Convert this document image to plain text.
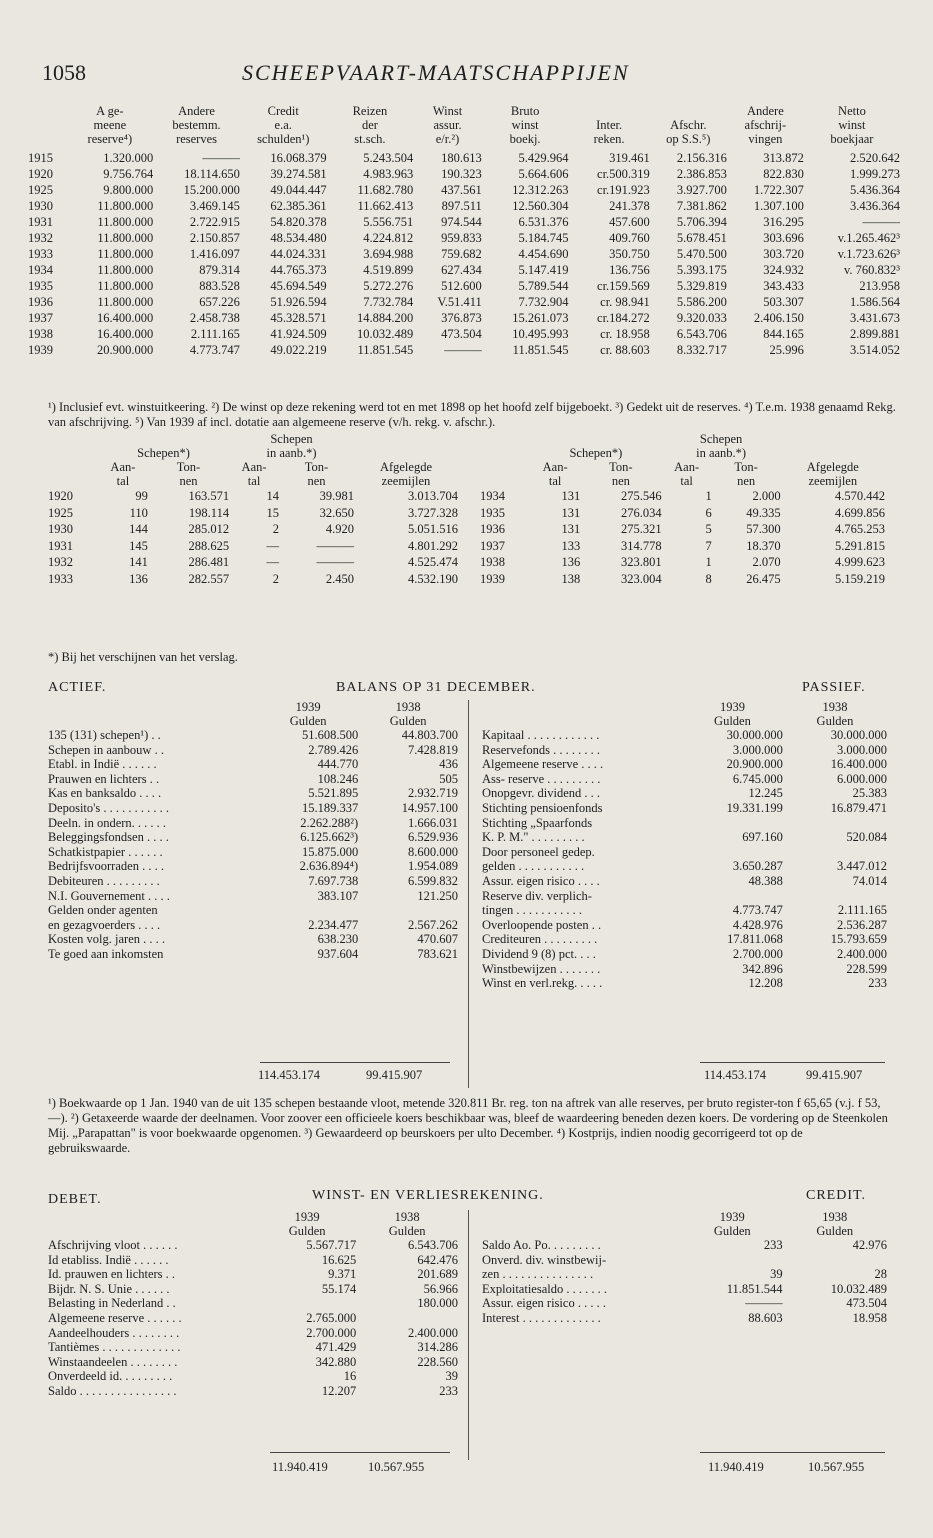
1058	SCHEEPVAART-MAATSCHAPPIJEN
	A ge-
meene
reserve⁴)	Andere
bestemm.
reserves	Credit
e.a.
schulden¹)	Reizen
der
st.sch.	Winst
assur.
e/r.²)	Bruto
winst
boekj.	Inter.
reken.	Afschr.
op S.S.⁵)	Andere
afschrij-
vingen	Netto
winst
boekjaar
1915	1.320.000	———	16.068.379	5.243.504	180.613	5.429.964	319.461	2.156.316	313.872	2.520.642
1920	9.756.764	18.114.650	39.274.581	4.983.963	190.323	5.664.606	cr.500.319	2.386.853	822.830	1.999.273
1925	9.800.000	15.200.000	49.044.447	11.682.780	437.561	12.312.263	cr.191.923	3.927.700	1.722.307	5.436.364
1930	11.800.000	3.469.145	62.385.361	11.662.413	897.511	12.560.304	241.378	7.381.862	1.307.100	3.436.364
1931	11.800.000	2.722.915	54.820.378	5.556.751	974.544	6.531.376	457.600	5.706.394	316.295	———
1932	11.800.000	2.150.857	48.534.480	4.224.812	959.833	5.184.745	409.760	5.678.451	303.696	v.1.265.462³
1933	11.800.000	1.416.097	44.024.331	3.694.988	759.682	4.454.690	350.750	5.470.500	303.720	v.1.723.626³
1934	11.800.000	879.314	44.765.373	4.519.899	627.434	5.147.419	136.756	5.393.175	324.932	v. 760.832³
1935	11.800.000	883.528	45.694.549	5.272.276	512.600	5.789.544	cr.159.569	5.329.819	343.433	213.958
1936	11.800.000	657.226	51.926.594	7.732.784	V.51.411	7.732.904	cr. 98.941	5.586.200	503.307	1.586.564
1937	16.400.000	2.458.738	45.328.571	14.884.200	376.873	15.261.073	cr.184.272	9.320.033	2.406.150	3.431.673
1938	16.400.000	2.111.165	41.924.509	10.032.489	473.504	10.495.993	cr. 18.958	6.543.706	844.165	2.899.881
1939	20.900.000	4.773.747	49.022.219	11.851.545	———	11.851.545	cr. 88.603	8.332.717	25.996	3.514.052
¹) Inclusief evt. winstuitkeering. ²) De winst op deze rekening werd tot en met 1898 op het hoofd zelf bijgeboekt. ³) Gedekt uit de reserves. ⁴) T.e.m. 1938 genaamd Rekg. van afschrijving. ⁵) Van 1939 af incl. dotatie aan algemeene reserve (v/h. rekg. v. afschr.).
	Schepen*)		Schepen
in aanb.*)		
	Aan-
tal	Ton-
nen	Aan-
tal	Ton-
nen	Afgelegde
zeemijlen
1920	99	163.571	14	39.981	3.013.704
1925	110	198.114	15	32.650	3.727.328
1930	144	285.012	2	4.920	5.051.516
1931	145	288.625	—	———	4.801.292
1932	141	286.481	—	———	4.525.474
1933	136	282.557	2	2.450	4.532.190
	Schepen*)		Schepen
in aanb.*)		
	Aan-
tal	Ton-
nen	Aan-
tal	Ton-
nen	Afgelegde
zeemijlen
1934	131	275.546	1	2.000	4.570.442
1935	131	276.034	6	49.335	4.699.856
1936	131	275.321	5	57.300	4.765.253
1937	133	314.778	7	18.370	5.291.815
1938	136	323.801	1	2.070	4.999.623
1939	138	323.004	8	26.475	5.159.219
*) Bij het verschijnen van het verslag.
ACTIEF.	BALANS OP 31 DECEMBER.	PASSIEF.
	1939	1938
	Gulden	Gulden
135 (131) schepen¹) . .	51.608.500	44.803.700
Schepen in aanbouw . .	2.789.426	7.428.819
Etabl. in Indië . . . . . .	444.770	436
Prauwen en lichters . .	108.246	505
Kas en banksaldo . . . .	5.521.895	2.932.719
Deposito's . . . . . . . . . . .	15.189.337	14.957.100
Deeln. in ondern. . . . . .	2.262.288²)	1.666.031
Beleggingsfondsen . . . .	6.125.662³)	6.529.936
Schatkistpapier . . . . . .	15.875.000	8.600.000
Bedrijfsvoorraden . . . .	2.636.894⁴)	1.954.089
Debiteuren . . . . . . . . .	7.697.738	6.599.832
N.I. Gouvernement . . . .	383.107	121.250
Gelden onder agenten		
en gezagvoerders . . . .	2.234.477	2.567.262
Kosten volg. jaren . . . .	638.230	470.607
Te goed aan inkomsten	937.604	783.621
	1939	1938
	Gulden	Gulden
Kapitaal . . . . . . . . . . . .	30.000.000	30.000.000
Reservefonds . . . . . . . .	3.000.000	3.000.000
Algemeene reserve . . . .	20.900.000	16.400.000
Ass- reserve . . . . . . . . .	6.745.000	6.000.000
Onopgevr. dividend . . .	12.245	25.383
Stichting pensioenfonds	19.331.199	16.879.471
Stichting „Spaarfonds		
K. P. M." . . . . . . . . .	697.160	520.084
Door personeel gedep.		
gelden . . . . . . . . . . .	3.650.287	3.447.012
Assur. eigen risico . . . .	48.388	74.014
Reserve div. verplich-		
tingen . . . . . . . . . . .	4.773.747	2.111.165
Overloopende posten . .	4.428.976	2.536.287
Crediteuren . . . . . . . . .	17.811.068	15.793.659
Dividend 9 (8) pct. . . .	2.700.000	2.400.000
Winstbewijzen . . . . . . .	342.896	228.599
Winst en verl.rekg. . . . .	12.208	233
114.453.174	99.415.907	114.453.174	99.415.907
¹) Boekwaarde op 1 Jan. 1940 van de uit 135 schepen bestaande vloot, metende 320.811 Br. reg. ton na aftrek van alle reserves, per bruto register-ton f 65,65 (v.j. f 53,—). ²) Getaxeerde waarde der deelnamen. Voor zoover een officieele koers beschikbaar was, bleef de waardeering beneden dezen koers. De vordering op de Steenkolen Mij. „Parapattan" is voor boekwaarde opgenomen. ³) Gewaardeerd op beurskoers per ulto December. ⁴) Kostprijs, indien noodig gecorrigeerd tot op de gebruikswaarde.
DEBET.	WINST- EN VERLIESREKENING.	CREDIT.
	1939	1938
	Gulden	Gulden
Afschrijving vloot . . . . . .	5.567.717	6.543.706
Id etabliss. Indië . . . . . .	16.625	642.476
Id. prauwen en lichters . .	9.371	201.689
Bijdr. N. S. Unie . . . . . .	55.174	56.966
Belasting in Nederland . .		180.000
Algemeene reserve . . . . . .	2.765.000	
Aandeelhouders . . . . . . . .	2.700.000	2.400.000
Tantièmes . . . . . . . . . . . . .	471.429	314.286
Winstaandeelen . . . . . . . .	342.880	228.560
Onverdeeld id. . . . . . . . .	16	39
Saldo . . . . . . . . . . . . . . . .	12.207	233
	1939	1938
	Gulden	Gulden
Saldo Ao. Po. . . . . . . . .	233	42.976
Onverd. div. winstbewij-		
zen . . . . . . . . . . . . . . .	39	28
Exploitatiesaldo . . . . . . .	11.851.544	10.032.489
Assur. eigen risico . . . . .	———	473.504
Interest . . . . . . . . . . . . .	88.603	18.958
11.940.419	10.567.955	11.940.419	10.567.955
